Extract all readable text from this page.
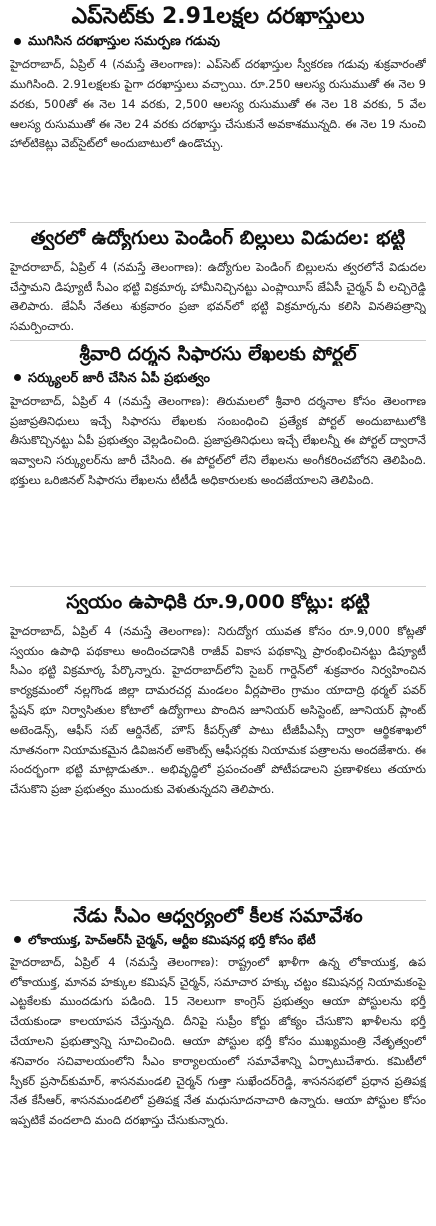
ఎప్‌సెట్‌కు 2.91లక్షల దరఖాస్తులు
ముగిసిన దరఖాస్తుల సమర్పణ గడువు

హైదరాబాద్, ఏప్రిల్ 4 (నమస్తే తెలంగాణ): ఎప్‌సెట్ దరఖాస్తుల స్వీకరణ గడువు శుక్రవారంతో ముగిసింది. 2.91లక్షలకు పైగా దరఖాస్తులు వచ్చాయి. రూ.250 ఆలస్య రుసుముతో ఈ నెల 9 వరకు, 500తో ఈ నెల 14 వరకు, 2,500 ఆలస్య రుసుముతో ఈ నెల 18 వరకు, 5 వేల ఆలస్య రుసుముతో ఈ నెల 24 వరకు దరఖాస్తు చేసుకునే అవకాశమున్నది. ఈ నెల 19 నుంచి హాల్‌టికెట్లు వెబ్‌సైట్‌లో అందుబాటులో ఉండొచ్చు.

త్వరలో ఉద్యోగులు పెండింగ్ బిల్లులు విడుదల: భట్టి

హైదరాబాద్, ఏప్రిల్ 4 (నమస్తే తెలంగాణ): ఉద్యోగుల పెండింగ్ బిల్లులను త్వరలోనే విడుదల చేస్తామని డిప్యూటీ సీఎం భట్టి విక్రమార్క హామీనిచ్చినట్టు ఎంప్లాయీస్ జేఏసీ చైర్మన్ వీ లచ్చిరెడ్డి తెలిపారు. జేఏసీ నేతలు శుక్రవారం ప్రజా భవన్‌లో భట్టి విక్రమార్కను కలిసి వినతిపత్రాన్ని సమర్పించారు.

శ్రీవారి దర్శన సిఫారసు లేఖలకు పోర్టల్
సర్క్యులర్ జారీ చేసిన ఏపీ ప్రభుత్వం

హైదరాబాద్, ఏప్రిల్ 4 (నమస్తే తెలంగాణ): తిరుమలలో శ్రీవారి దర్శనాల కోసం తెలంగాణ ప్రజాప్రతినిధులు ఇచ్చే సిఫారసు లేఖలకు సంబంధించి ప్రత్యేక పోర్టల్ అందుబాటులోకి తీసుకొచ్చినట్టు ఏపీ ప్రభుత్వం వెల్లడించింది. ప్రజాప్రతినిధులు ఇచ్చే లేఖలన్నీ ఈ పోర్టల్ ద్వారానే ఇవ్వాలని సర్క్యులర్‌ను జారీ చేసింది. ఈ పోర్టల్‌లో లేని లేఖలను అంగీకరించబోరని తెలిపింది. భక్తులు ఒరిజినల్ సిఫారసు లేఖలను టీటీడీ అధికారులకు అందజేయాలని తెలిపింది.

స్వయం ఉపాధికి రూ.9,000 కోట్లు: భట్టి

హైదరాబాద్, ఏప్రిల్ 4 (నమస్తే తెలంగాణ): నిరుద్యోగ యువత కోసం రూ.9,000 కోట్లతో స్వయం ఉపాధి పథకాలు అందించడానికి రాజీవ్ వికాస పథకాన్ని ప్రారంభించినట్టు డిప్యూటీ సీఎం భట్టి విక్రమార్క పేర్కొన్నారు. హైదరాబాద్‌లోని సైబర్ గార్డెన్‌లో శుక్రవారం నిర్వహించిన కార్యక్రమంలో నల్లగొండ జిల్లా దామరచర్ల మండలం వీర్లపాలెం గ్రామం యాదాద్రి థర్మల్ పవర్ స్టేషన్ భూ నిర్వాసితుల కోటాలో ఉద్యోగాలు పొందిన జూనియర్ అసిస్టెంట్, జూనియర్ ప్లాంట్ అటెండెన్స్, ఆఫీస్ సబ్ ఆర్డినేట్, హౌస్ కీపర్స్‌తో పాటు టీజీపీఎస్సీ ద్వారా ఆర్థికశాఖలో నూతనంగా నియామకమైన డివిజనల్ అకౌంట్స్ ఆఫీసర్లకు నియామక పత్రాలను అందజేశారు. ఈ సందర్భంగా భట్టి మాట్లాడుతూ.. అభివృద్ధిలో ప్రపంచంతో పోటీపడాలని ప్రణాళికలు తయారు చేసుకొని ప్రజా ప్రభుత్వం ముందుకు వెళుతున్నదని తెలిపారు.

నేడు సీఎం ఆధ్వర్యంలో కీలక సమావేశం
లోకాయుక్త, హెచ్‌ఆర్‌సీ చైర్మన్, ఆర్టీఐ కమిషనర్ల భర్తీ కోసం భేటీ

హైదరాబాద్, ఏప్రిల్ 4 (నమస్తే తెలంగాణ): రాష్ట్రంలో ఖాళీగా ఉన్న లోకాయుక్త, ఉప లోకాయుక్త, మానవ హక్కుల కమిషన్ చైర్మన్, సమాచార హక్కు చట్టం కమిషనర్ల నియామకంపై ఎట్టకేలకు ముందడుగు పడింది. 15 నెలలుగా కాంగ్రెస్ ప్రభుత్వం ఆయా పోస్టులను భర్తీ చేయకుండా కాలయాపన చేస్తున్నది. దీనిపై సుప్రీం కోర్టు జోక్యం చేసుకొని ఖాళీలను భర్తీ చేయాలని ప్రభుత్వాన్ని సూచించింది. ఆయా పోస్టుల భర్తీ కోసం ముఖ్యమంత్రి నేతృత్వంలో శనివారం సచివాలయంలోని సీఎం కార్యాలయంలో సమావేశాన్ని ఏర్పాటుచేశారు. కమిటీలో స్పీకర్ ప్రసాద్‌కుమార్, శాసనమండలి చైర్మన్ గుత్తా సుఖేందర్‌రెడ్డి, శాసనసభలో ప్రధాన ప్రతిపక్ష నేత కేసీఆర్, శాసనమండలిలో ప్రతిపక్ష నేత మధుసూదనాచారి ఉన్నారు. ఆయా పోస్టుల కోసం ఇప్పటికే వందలాది మంది దరఖాస్తు చేసుకున్నారు.
